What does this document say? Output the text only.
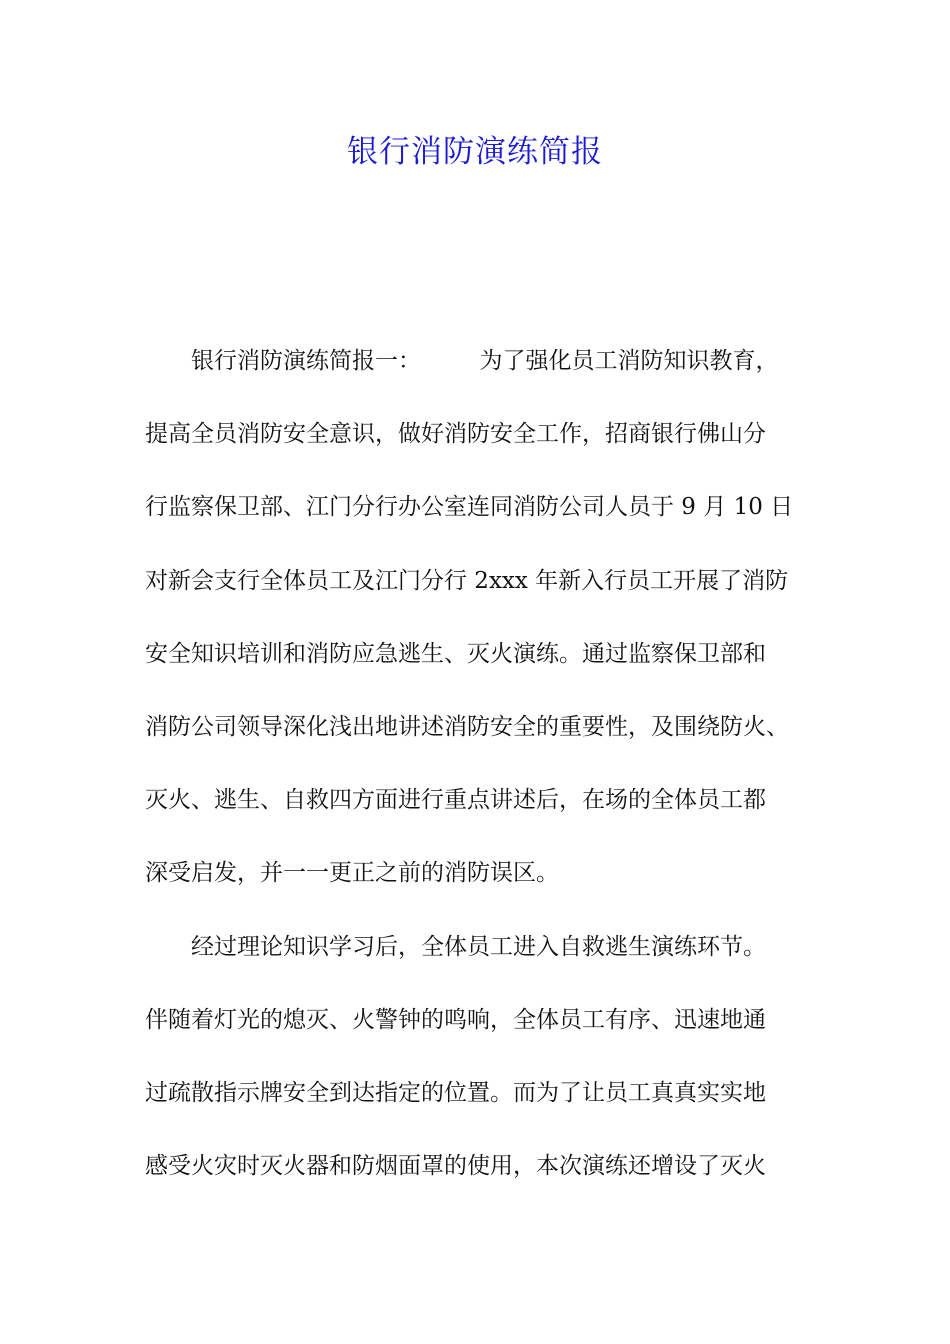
银行消防演练简报

银行消防演练简报一：        为了强化员工消防知识教育，

提高全员消防安全意识，做好消防安全工作，招商银行佛山分

行监察保卫部、江门分行办公室连同消防公司人员于 9 月 10 日

对新会支行全体员工及江门分行 2xxx 年新入行员工开展了消防

安全知识培训和消防应急逃生、灭火演练。通过监察保卫部和

消防公司领导深化浅出地讲述消防安全的重要性，及围绕防火、

灭火、逃生、自救四方面进行重点讲述后，在场的全体员工都

深受启发，并一一更正之前的消防误区。

经过理论知识学习后，全体员工进入自救逃生演练环节。

伴随着灯光的熄灭、火警钟的鸣响，全体员工有序、迅速地通

过疏散指示牌安全到达指定的位置。而为了让员工真真实实地

感受火灾时灭火器和防烟面罩的使用，本次演练还增设了灭火
